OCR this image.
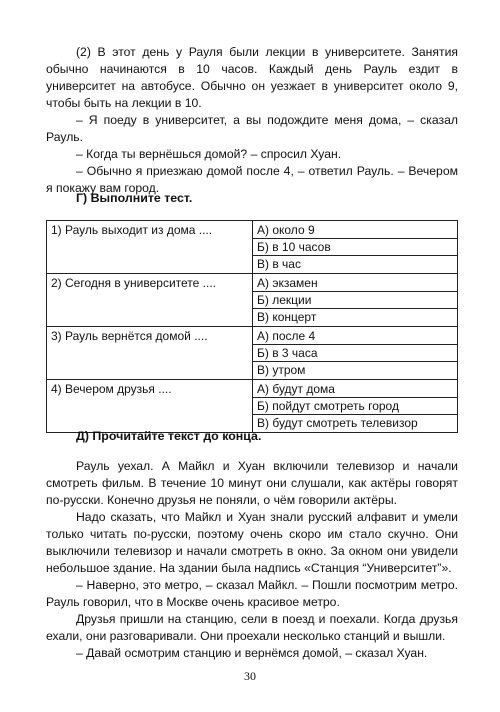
(2) В этот день у Рауля были лекции в университете. Занятия обычно начинаются в 10 часов. Каждый день Рауль ездит в университет на автобусе. Обычно он уезжает в университет около 9, чтобы быть на лекции в 10.

– Я поеду в университет, а вы подождите меня дома, – сказал Рауль.

– Когда ты вернёшься домой? – спросил Хуан.

– Обычно я приезжаю домой после 4, – ответил Рауль. – Вечером я покажу вам город.

Г) Выполните тест.
1) Рауль выходит из дома ....	А) около 9
Б) в 10 часов
В) в час

2) Сегодня в университете ....	А) экзамен
Б) лекции
В) концерт

3) Рауль вернётся домой ....	А) после 4
Б) в 3 часа
В) утром

4) Вечером друзья ....	А) будут дома
Б) пойдут смотреть город
В) будут смотреть телевизор
Д) Прочитайте текст до конца.

Рауль уехал. А Майкл и Хуан включили телевизор и начали смотреть фильм. В течение 10 минут они слушали, как актёры говорят по-русски. Конечно друзья не поняли, о чём говорили актёры.

Надо сказать, что Майкл и Хуан знали русский алфавит и умели только читать по-русски, поэтому очень скоро им стало скучно. Они выключили телевизор и начали смотреть в окно. За окном они увидели небольшое здание. На здании была надпись «Станция “Университет”».

– Наверно, это метро, – сказал Майкл. – Пошли посмотрим метро. Рауль говорил, что в Москве очень красивое метро.

Друзья пришли на станцию, сели в поезд и поехали. Когда друзья ехали, они разговаривали. Они проехали несколько станций и вышли.

– Давай осмотрим станцию и вернёмся домой, – сказал Хуан.

30
